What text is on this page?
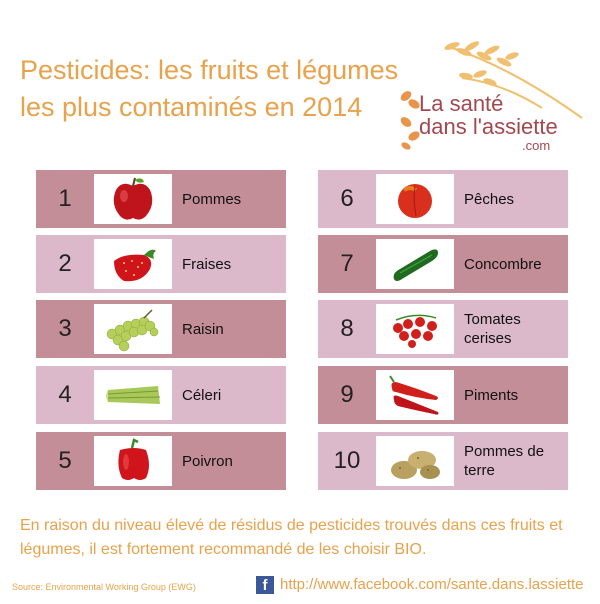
Pesticides: les fruits et légumes
les plus contaminés en 2014	La santé
dans l'assiette
.com
1	Pommes
2	Fraises
3	Raisin
4	Céleri
5	Poivron
6	Pêches
7	Concombre
8	Tomates cerises
9	Piments
10	Pommes de terre
En raison du niveau élevé de résidus de pesticides trouvés dans ces fruits et légumes, il est fortement recommandé de les choisir BIO.
Source: Environmental Working Group (EWG)	f http://www.facebook.com/sante.dans.lassiette
